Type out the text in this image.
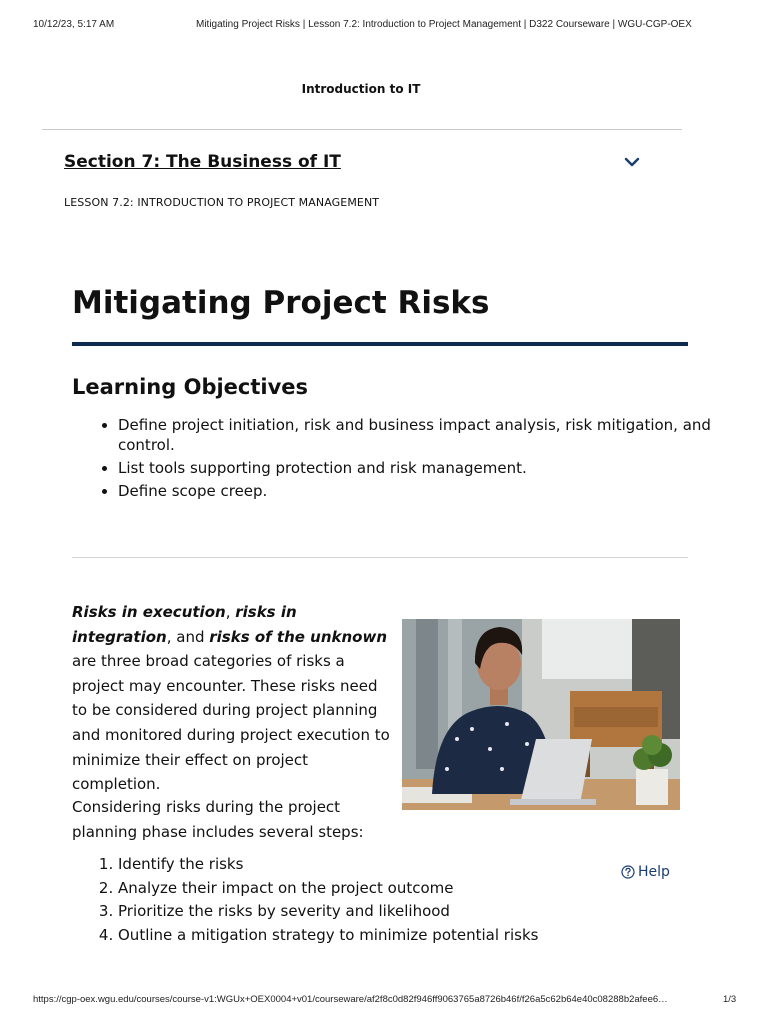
10/12/23, 5:17 AM	Mitigating Project Risks | Lesson 7.2: Introduction to Project Management | D322 Courseware | WGU-CGP-OEX
Introduction to IT
Section 7: The Business of IT
LESSON 7.2: INTRODUCTION TO PROJECT MANAGEMENT
Mitigating Project Risks
Learning Objectives
• Define project initiation, risk and business impact analysis, risk mitigation, and control.
• List tools supporting protection and risk management.
• Define scope creep.

Risks in execution, risks in integration, and risks of the unknown are three broad categories of risks a project may encounter. These risks need to be considered during project planning and monitored during project execution to minimize their effect on project completion.

Considering risks during the project planning phase includes several steps:

1. Identify the risks
2. Analyze their impact on the project outcome
3. Prioritize the risks by severity and likelihood
4. Outline a mitigation strategy to minimize potential risks
Help
https://cgp-oex.wgu.edu/courses/course-v1:WGUx+OEX0004+v01/courseware/af2f8c0d82f946ff9063765a8726b46f/f26a5c62b64e40c08288b2afee6…	1/3
